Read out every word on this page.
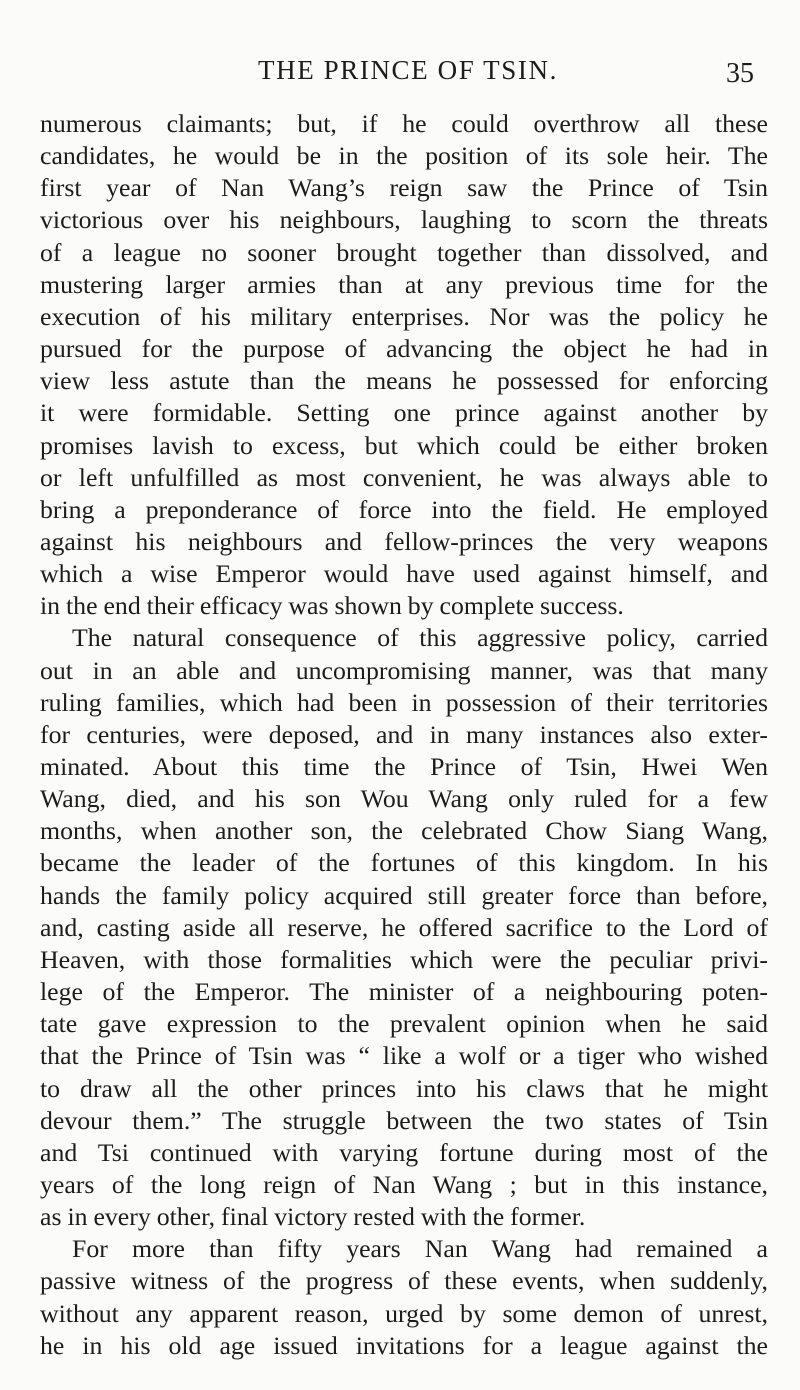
THE PRINCE OF TSIN.	35
numerous claimants; but, if he could overthrow all these
candidates, he would be in the position of its sole heir. The
first year of Nan Wang’s reign saw the Prince of Tsin
victorious over his neighbours, laughing to scorn the threats
of a league no sooner brought together than dissolved, and
mustering larger armies than at any previous time for the
execution of his military enterprises. Nor was the policy he
pursued for the purpose of advancing the object he had in
view less astute than the means he possessed for enforcing
it were formidable. Setting one prince against another by
promises lavish to excess, but which could be either broken
or left unfulfilled as most convenient, he was always able to
bring a preponderance of force into the field. He employed
against his neighbours and fellow-princes the very weapons
which a wise Emperor would have used against himself, and
in the end their efficacy was shown by complete success.
The natural consequence of this aggressive policy, carried
out in an able and uncompromising manner, was that many
ruling families, which had been in possession of their territories
for centuries, were deposed, and in many instances also exter-
minated. About this time the Prince of Tsin, Hwei Wen
Wang, died, and his son Wou Wang only ruled for a few
months, when another son, the celebrated Chow Siang Wang,
became the leader of the fortunes of this kingdom. In his
hands the family policy acquired still greater force than before,
and, casting aside all reserve, he offered sacrifice to the Lord of
Heaven, with those formalities which were the peculiar privi-
lege of the Emperor. The minister of a neighbouring poten-
tate gave expression to the prevalent opinion when he said
that the Prince of Tsin was “ like a wolf or a tiger who wished
to draw all the other princes into his claws that he might
devour them.” The struggle between the two states of Tsin
and Tsi continued with varying fortune during most of the
years of the long reign of Nan Wang ; but in this instance,
as in every other, final victory rested with the former.
For more than fifty years Nan Wang had remained a
passive witness of the progress of these events, when suddenly,
without any apparent reason, urged by some demon of unrest,
he in his old age issued invitations for a league against the
